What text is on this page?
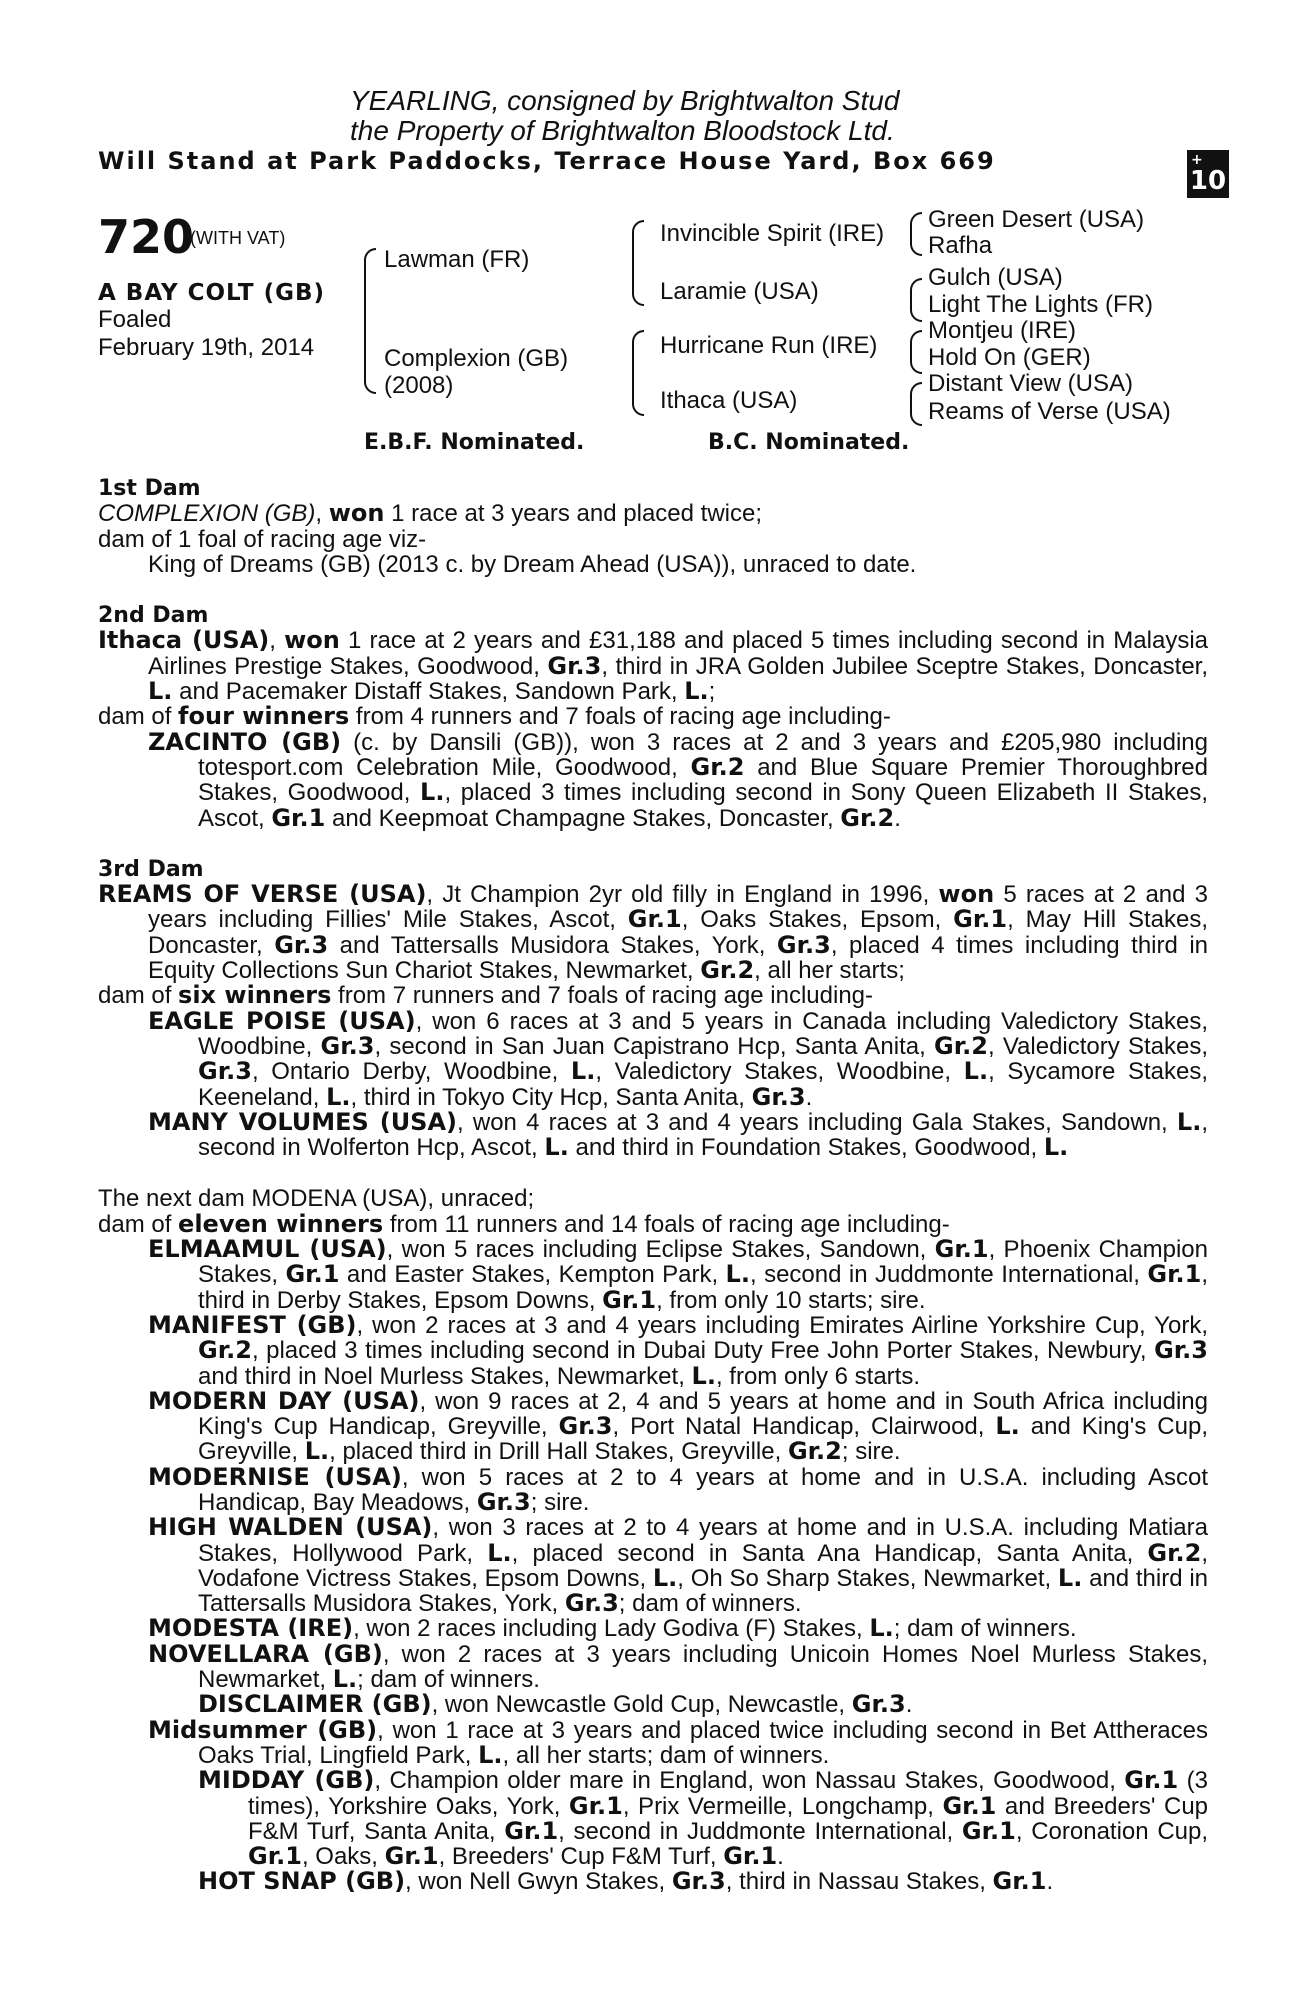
YEARLING, consigned by Brightwalton Stud
the Property of Brightwalton Bloodstock Ltd.
Will Stand at Park Paddocks, Terrace House Yard, Box 669	+
10
720
(WITH VAT)
A BAY COLT (GB)
Foaled
February 19th, 2014
Lawman (FR)
Complexion (GB)
(2008)
Invincible Spirit (IRE)
Laramie (USA)
Hurricane Run (IRE)
Ithaca (USA)
Green Desert (USA)
Rafha
Gulch (USA)
Light The Lights (FR)
Montjeu (IRE)
Hold On (GER)
Distant View (USA)
Reams of Verse (USA)
E.B.F. Nominated.	B.C. Nominated.

1st Dam

COMPLEXION (GB), won 1 race at 3 years and placed twice;

dam of 1 foal of racing age viz-

King of Dreams (GB) (2013 c. by Dream Ahead (USA)), unraced to date.

2nd Dam

Ithaca (USA), won 1 race at 2 years and £31,188 and placed 5 times including second in Malaysia Airlines Prestige Stakes, Goodwood, Gr.3, third in JRA Golden Jubilee Sceptre Stakes, Doncaster, L. and Pacemaker Distaff Stakes, Sandown Park, L.;

dam of four winners from 4 runners and 7 foals of racing age including-

ZACINTO (GB) (c. by Dansili (GB)), won 3 races at 2 and 3 years and £205,980 including totesport.com Celebration Mile, Goodwood, Gr.2 and Blue Square Premier Thoroughbred Stakes, Goodwood, L., placed 3 times including second in Sony Queen Elizabeth II Stakes, Ascot, Gr.1 and Keepmoat Champagne Stakes, Doncaster, Gr.2.

3rd Dam

REAMS OF VERSE (USA), Jt Champion 2yr old filly in England in 1996, won 5 races at 2 and 3 years including Fillies' Mile Stakes, Ascot, Gr.1, Oaks Stakes, Epsom, Gr.1, May Hill Stakes, Doncaster, Gr.3 and Tattersalls Musidora Stakes, York, Gr.3, placed 4 times including third in Equity Collections Sun Chariot Stakes, Newmarket, Gr.2, all her starts;

dam of six winners from 7 runners and 7 foals of racing age including-

EAGLE POISE (USA), won 6 races at 3 and 5 years in Canada including Valedictory Stakes, Woodbine, Gr.3, second in San Juan Capistrano Hcp, Santa Anita, Gr.2, Valedictory Stakes, Gr.3, Ontario Derby, Woodbine, L., Valedictory Stakes, Woodbine, L., Sycamore Stakes, Keeneland, L., third in Tokyo City Hcp, Santa Anita, Gr.3.

MANY VOLUMES (USA), won 4 races at 3 and 4 years including Gala Stakes, Sandown, L., second in Wolferton Hcp, Ascot, L. and third in Foundation Stakes, Goodwood, L.

The next dam MODENA (USA), unraced;

dam of eleven winners from 11 runners and 14 foals of racing age including-

ELMAAMUL (USA), won 5 races including Eclipse Stakes, Sandown, Gr.1, Phoenix Champion Stakes, Gr.1 and Easter Stakes, Kempton Park, L., second in Juddmonte International, Gr.1, third in Derby Stakes, Epsom Downs, Gr.1, from only 10 starts; sire.

MANIFEST (GB), won 2 races at 3 and 4 years including Emirates Airline Yorkshire Cup, York, Gr.2, placed 3 times including second in Dubai Duty Free John Porter Stakes, Newbury, Gr.3 and third in Noel Murless Stakes, Newmarket, L., from only 6 starts.

MODERN DAY (USA), won 9 races at 2, 4 and 5 years at home and in South Africa including King's Cup Handicap, Greyville, Gr.3, Port Natal Handicap, Clairwood, L. and King's Cup, Greyville, L., placed third in Drill Hall Stakes, Greyville, Gr.2; sire.

MODERNISE (USA), won 5 races at 2 to 4 years at home and in U.S.A. including Ascot Handicap, Bay Meadows, Gr.3; sire.

HIGH WALDEN (USA), won 3 races at 2 to 4 years at home and in U.S.A. including Matiara Stakes, Hollywood Park, L., placed second in Santa Ana Handicap, Santa Anita, Gr.2, Vodafone Victress Stakes, Epsom Downs, L., Oh So Sharp Stakes, Newmarket, L. and third in Tattersalls Musidora Stakes, York, Gr.3; dam of winners.

MODESTA (IRE), won 2 races including Lady Godiva (F) Stakes, L.; dam of winners.

NOVELLARA (GB), won 2 races at 3 years including Unicoin Homes Noel Murless Stakes, Newmarket, L.; dam of winners.

DISCLAIMER (GB), won Newcastle Gold Cup, Newcastle, Gr.3.

Midsummer (GB), won 1 race at 3 years and placed twice including second in Bet Attheraces Oaks Trial, Lingfield Park, L., all her starts; dam of winners.

MIDDAY (GB), Champion older mare in England, won Nassau Stakes, Goodwood, Gr.1 (3 times), Yorkshire Oaks, York, Gr.1, Prix Vermeille, Longchamp, Gr.1 and Breeders' Cup F&M Turf, Santa Anita, Gr.1, second in Juddmonte International, Gr.1, Coronation Cup, Gr.1, Oaks, Gr.1, Breeders' Cup F&M Turf, Gr.1.

HOT SNAP (GB), won Nell Gwyn Stakes, Gr.3, third in Nassau Stakes, Gr.1.
